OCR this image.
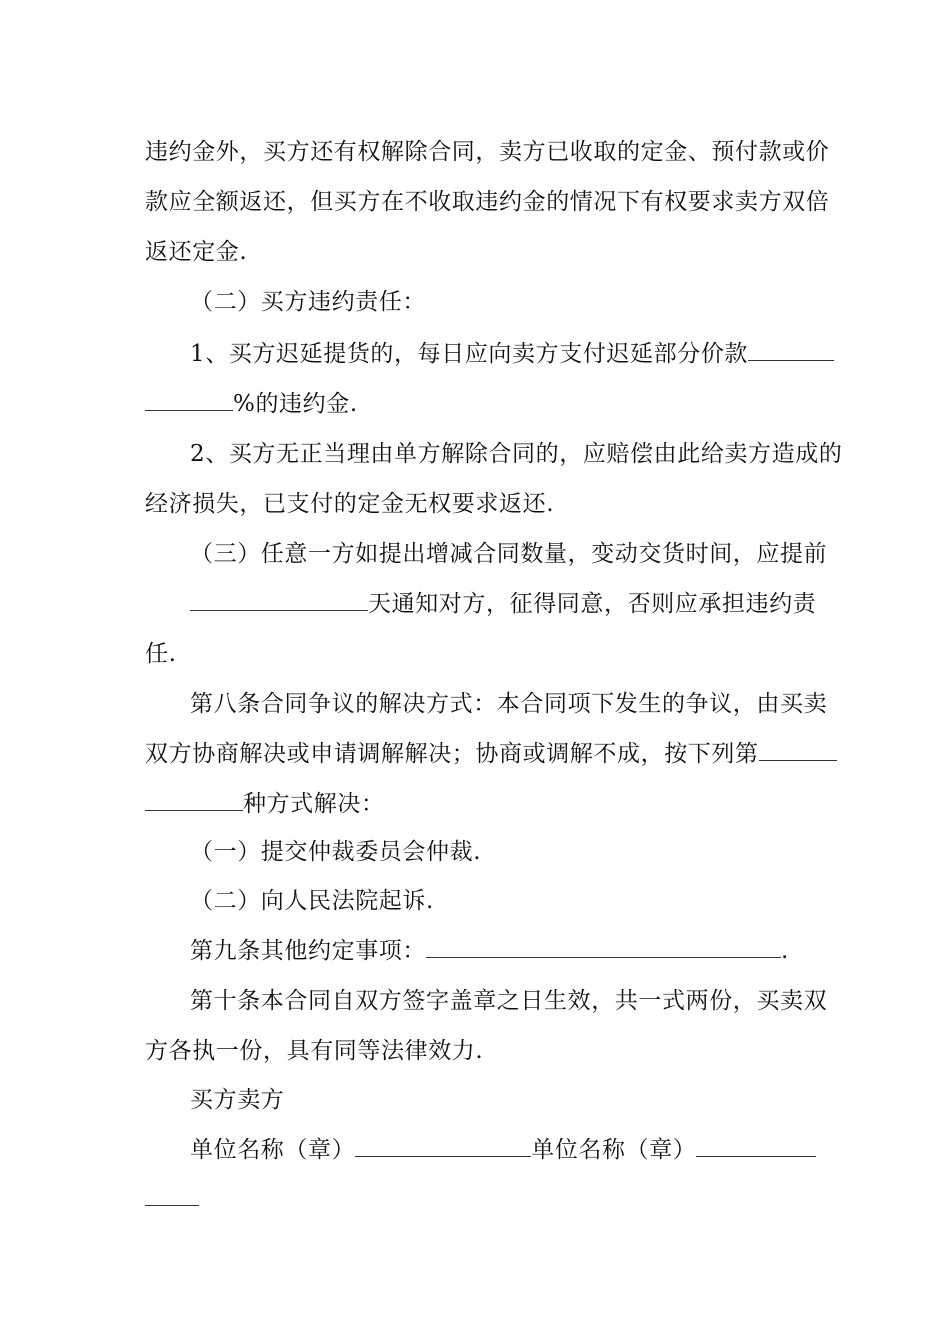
违约金外，买方还有权解除合同，卖方已收取的定金、预付款或价
款应全额返还，但买方在不收取违约金的情况下有权要求卖方双倍
返还定金.
（二）买方违约责任：
1、买方迟延提货的，每日应向卖方支付迟延部分价款
%的违约金.
2、买方无正当理由单方解除合同的，应赔偿由此给卖方造成的
经济损失，已支付的定金无权要求返还.
（三）任意一方如提出增减合同数量，变动交货时间，应提前
天通知对方，征得同意，否则应承担违约责
任.
第八条合同争议的解决方式：本合同项下发生的争议，由买卖
双方协商解决或申请调解解决；协商或调解不成，按下列第
种方式解决：
（一）提交仲裁委员会仲裁.
（二）向人民法院起诉.
第九条其他约定事项：	.
第十条本合同自双方签字盖章之日生效，共一式两份，买卖双
方各执一份，具有同等法律效力.
买方卖方
单位名称（章）	单位名称（章）
